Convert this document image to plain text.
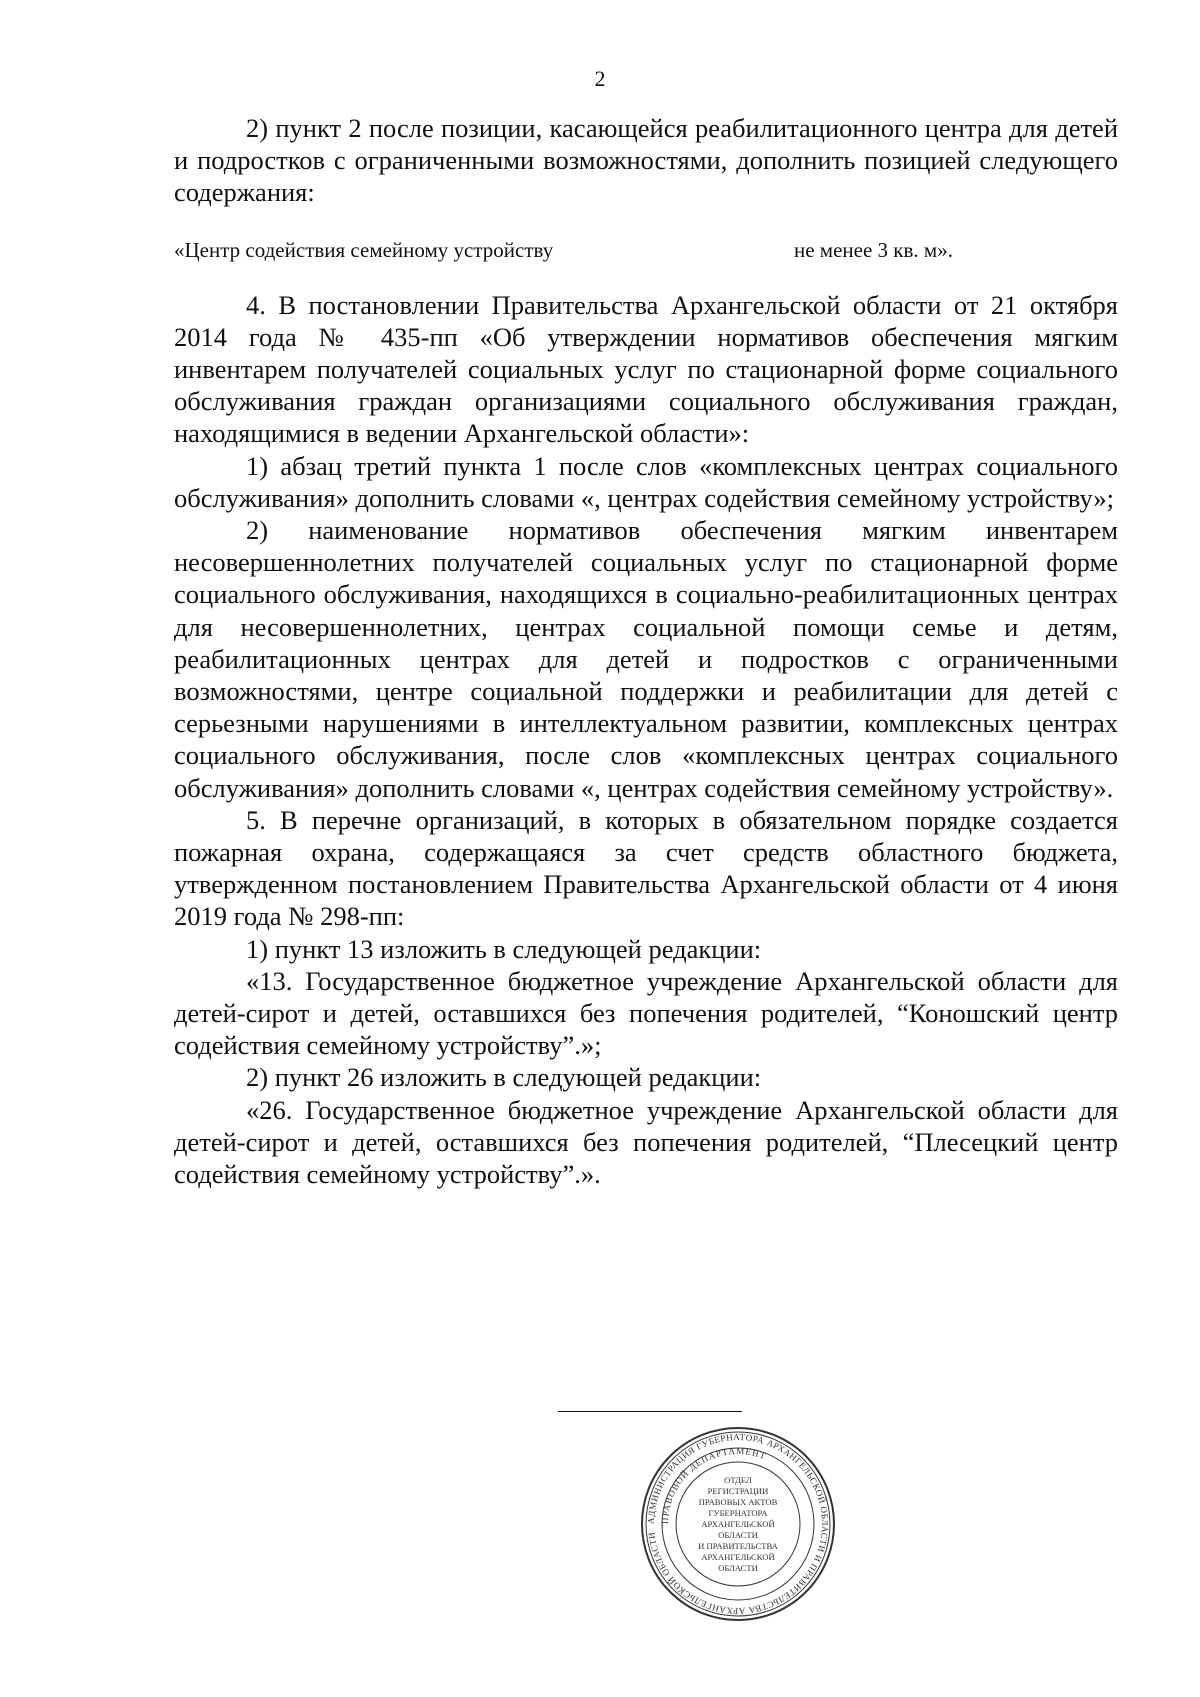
2

2) пункт 2 после позиции, касающейся реабилитационного центра для детей и подростков с ограниченными возможностями, дополнить позицией следующего содержания:

«Центр содействия семейному устройству	не менее 3 кв. м».

4. В постановлении Правительства Архангельской области от 21 октября 2014 года № 435-пп «Об утверждении нормативов обеспечения мягким инвентарем получателей социальных услуг по стационарной форме социального обслуживания граждан организациями социального обслуживания граждан, находящимися в ведении Архангельской области»:

1) абзац третий пункта 1 после слов «комплексных центрах социального обслуживания» дополнить словами «, центрах содействия семейному устройству»;

2) наименование нормативов обеспечения мягким инвентарем несовершеннолетних получателей социальных услуг по стационарной форме социального обслуживания, находящихся в социально-реабилитационных центрах для несовершеннолетних, центрах социальной помощи семье и детям, реабилитационных центрах для детей и подростков с ограниченными возможностями, центре социальной поддержки и реабилитации для детей с серьезными нарушениями в интеллектуальном развитии, комплексных центрах социального обслуживания, после слов «комплексных центрах социального обслуживания» дополнить словами «, центрах содействия семейному устройству».

5. В перечне организаций, в которых в обязательном порядке создается пожарная охрана, содержащаяся за счет средств областного бюджета, утвержденном постановлением Правительства Архангельской области от 4 июня 2019 года № 298-пп:

1) пункт 13 изложить в следующей редакции:

«13. Государственное бюджетное учреждение Архангельской области для детей-сирот и детей, оставшихся без попечения родителей, “Коношский центр содействия семейному устройству”.»;

2) пункт 26 изложить в следующей редакции:

«26. Государственное бюджетное учреждение Архангельской области для детей-сирот и детей, оставшихся без попечения родителей, “Плесецкий центр содействия семейному устройству”.».

АДМИНИСТРАЦИЯ ГУБЕРНАТОРА АРХАНГЕЛЬСКОЙ ОБЛАСТИ И ПРАВИТЕЛЬСТВА АРХАНГЕЛЬСКОЙ ОБЛАСТИ
ПРАВОВОЙ ДЕПАРТАМЕНТ
ОТДЕЛ
РЕГИСТРАЦИИ
ПРАВОВЫХ АКТОВ
ГУБЕРНАТОРА
АРХАНГЕЛЬСКОЙ
ОБЛАСТИ
И ПРАВИТЕЛЬСТВА
АРХАНГЕЛЬСКОЙ
ОБЛАСТИ
